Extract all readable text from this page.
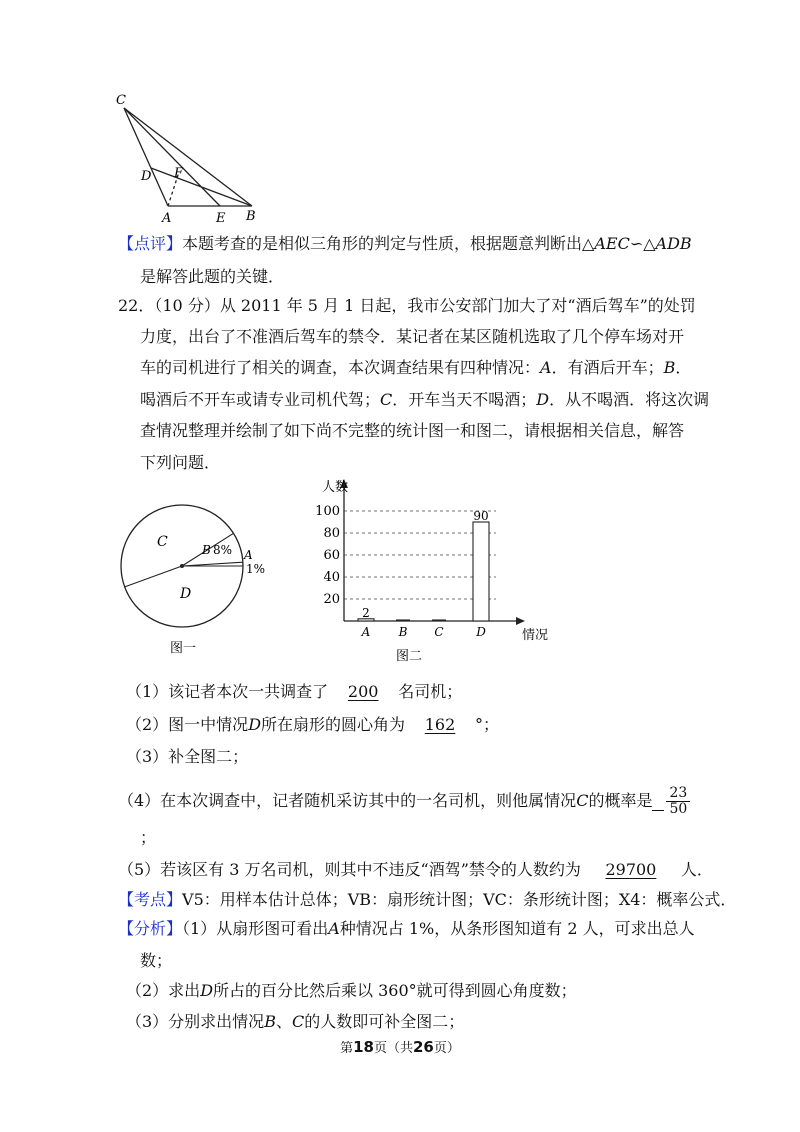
C
D F
A	E B
【点评】本题考查的是相似三角形的判定与性质，根据题意判断出△AEC∽△ADB
是解答此题的关键．
22．（10 分）从 2011 年 5 月 1 日起，我市公安部门加大了对“酒后驾车”的处罚
力度，出台了不准酒后驾车的禁令．某记者在某区随机选取了几个停车场对开
车的司机进行了相关的调查，本次调查结果有四种情况：A．有酒后开车；B．
喝酒后不开车或请专业司机代驾；C．开车当天不喝酒；D．从不喝酒．将这次调
查情况整理并绘制了如下尚不完整的统计图一和图二，请根据相关信息，解答
下列问题．
A
1%
B 8%
C
D
图一
人数
情况
20
40
60
80
100
2
A B C
90
D
图二
（1）该记者本次一共调查了 200 名司机；
（2）图一中情况D所在扇形的圆心角为 162 °；
（3）补全图二；
（4）在本次调查中，记者随机采访其中的一名司机，则他属情况C的概率是 $\frac{23}{50}$
；
（5）若该区有 3 万名司机，则其中不违反“酒驾”禁令的人数约为 29700 人．
【考点】V5：用样本估计总体；VB：扇形统计图；VC：条形统计图；X4：概率公式．
【分析】（1）从扇形图可看出A种情况占 1%，从条形图知道有 2 人，可求出总人
数；
（2）求出D所占的百分比然后乘以 360°就可得到圆心角度数；
（3）分别求出情况B、C的人数即可补全图二；
第18页（共26页）
